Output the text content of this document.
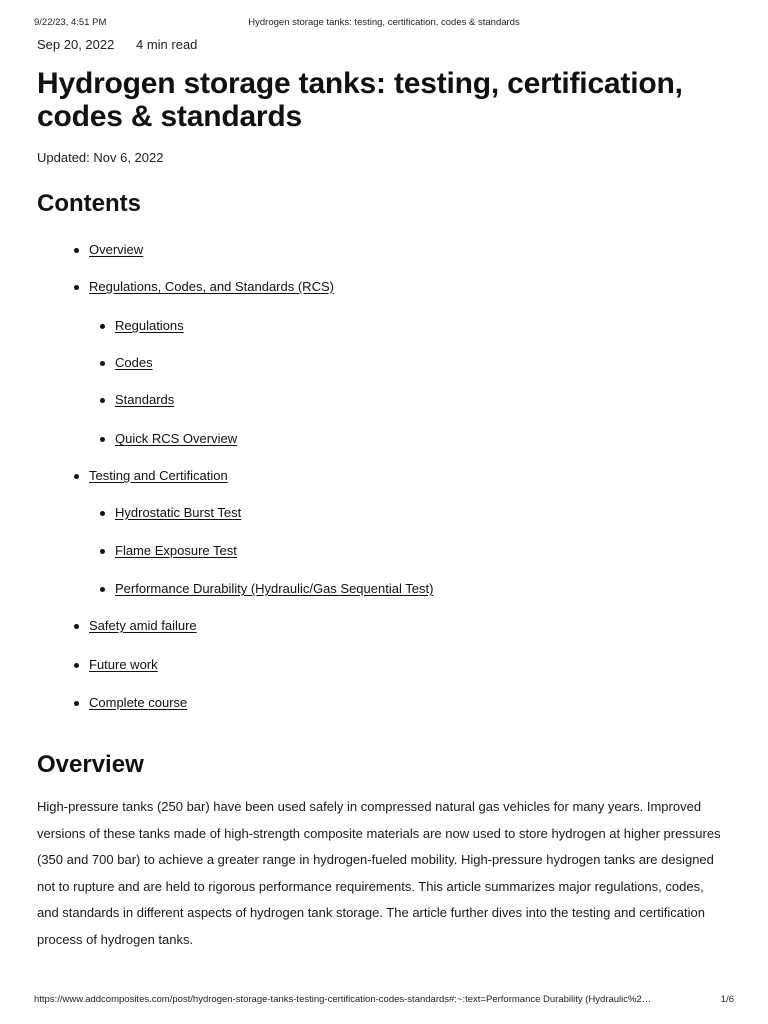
9/22/23, 4:51 PM	Hydrogen storage tanks: testing, certification, codes & standards
Sep 20, 2022 4 min read
Hydrogen storage tanks: testing, certification, codes & standards
Updated: Nov 6, 2022
Contents
Overview
Regulations, Codes, and Standards (RCS)
Regulations
Codes
Standards
Quick RCS Overview
Testing and Certification
Hydrostatic Burst Test
Flame Exposure Test
Performance Durability (Hydraulic/Gas Sequential Test)
Safety amid failure
Future work
Complete course
Overview

High-pressure tanks (250 bar) have been used safely in compressed natural gas vehicles for many years. Improved versions of these tanks made of high-strength composite materials are now used to store hydrogen at higher pressures (350 and 700 bar) to achieve a greater range in hydrogen-fueled mobility. High-pressure hydrogen tanks are designed not to rupture and are held to rigorous performance requirements. This article summarizes major regulations, codes, and standards in different aspects of hydrogen tank storage. The article further dives into the testing and certification process of hydrogen tanks.

https://www.addcomposites.com/post/hydrogen-storage-tanks-testing-certification-codes-standards#:~:text=Performance Durability (Hydraulic%2…	1/6
